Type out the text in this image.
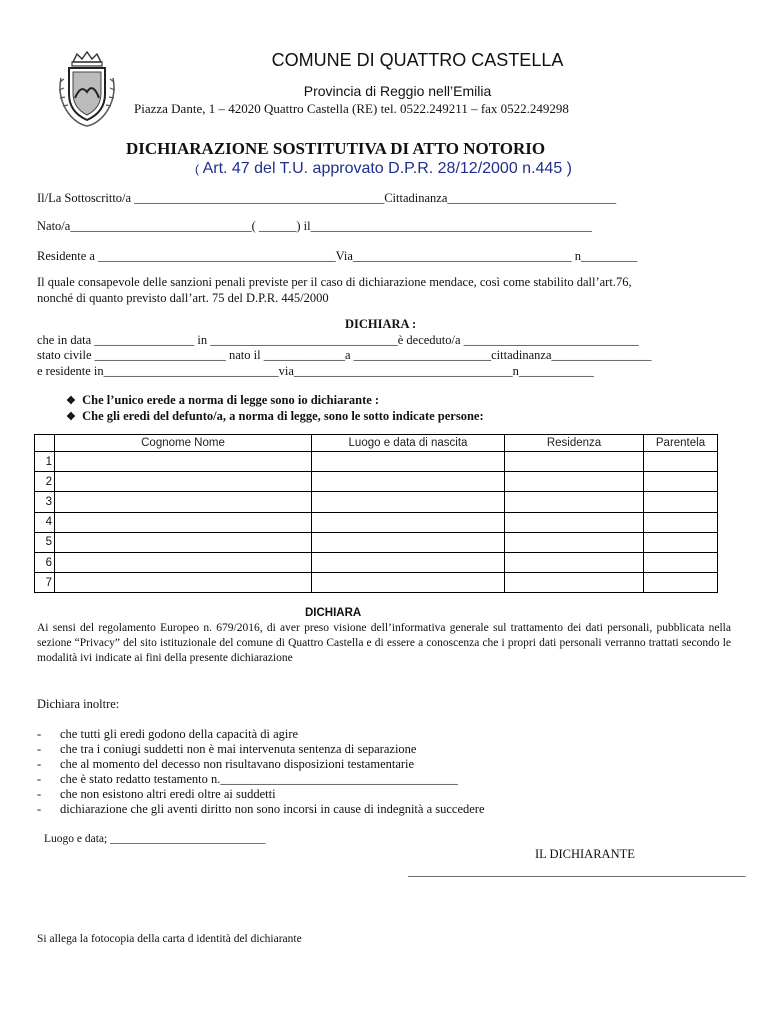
COMUNE DI QUATTRO CASTELLA
Provincia di Reggio nell’Emilia
Piazza Dante, 1 – 42020 Quattro Castella (RE) tel. 0522.249211 – fax 0522.249298
DICHIARAZIONE SOSTITUTIVA DI ATTO NOTORIO
( Art. 47 del T.U. approvato D.P.R. 28/12/2000 n.445 )
Il/La Sottoscritto/a ________________________________________Cittadinanza___________________________
Nato/a_____________________________( ______) il_____________________________________________
Residente a ______________________________________Via___________________________________ n_________
Il quale consapevole delle sanzioni penali previste per il caso di dichiarazione mendace, così come stabilito dall’art.76,
nonché di quanto previsto dall’art. 75 del D.P.R. 445/2000
DICHIARA :
che in data ________________ in ______________________________è deceduto/a ____________________________
stato civile _____________________ nato il _____________a ______________________cittadinanza________________
e residente in____________________________via___________________________________n____________
❖ Che l’unico erede a norma di legge sono io dichiarante :
❖ Che gli eredi del defunto/a, a norma di legge, sono le sotto indicate persone:
	Cognome Nome	Luogo e data di nascita	Residenza	Parentela
1				
2				
3				
4				
5				
6				
7				
DICHIARA
Ai sensi del regolamento Europeo n. 679/2016, di aver preso visione dell’informativa generale sul trattamento dei dati personali, pubblicata nella sezione “Privacy” del sito istituzionale del comune di Quattro Castella e di essere a conoscenza che i propri dati personali verranno trattati secondo le modalità ivi indicate ai fini della presente dichiarazione
Dichiara inoltre:
- che tutti gli eredi godono della capacità di agire
- che tra i coniugi suddetti non è mai intervenuta sentenza di separazione
- che al momento del decesso non risultavano disposizioni testamentarie
- che è stato redatto testamento n.______________________________________
- che non esistono altri eredi oltre ai suddetti
- dichiarazione che gli aventi diritto non sono incorsi in cause di indegnità a succedere
Luogo e data; ___________________________
IL DICHIARANTE
______________________________________________________
Si allega la fotocopia della carta d identità del dichiarante
